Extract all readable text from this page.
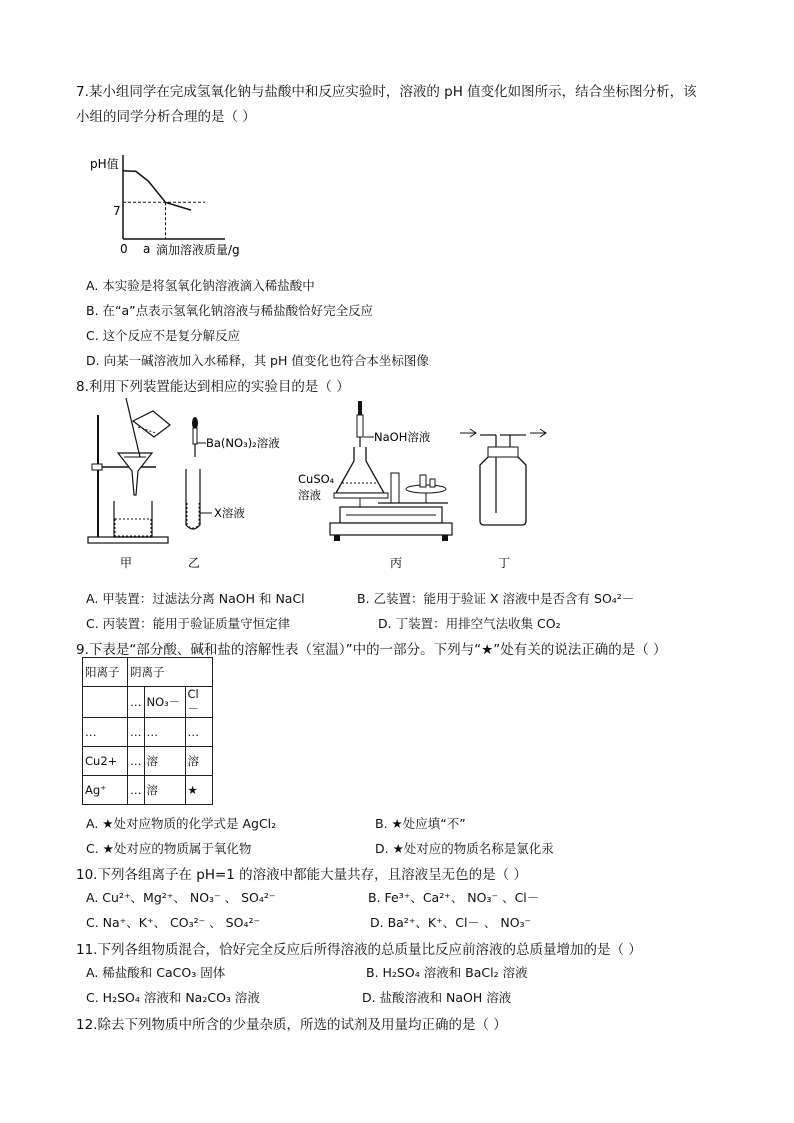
7.某小组同学在完成氢氧化钠与盐酸中和反应实验时，溶液的 pH 值变化如图所示，结合坐标图分析，该
小组的同学分析合理的是（ ）
pH值
7
0 a 滴加溶液质量/g
A. 本实验是将氢氧化钠溶液滴入稀盐酸中
B. 在“a”点表示氢氧化钠溶液与稀盐酸恰好完全反应
C. 这个反应不是复分解反应
D. 向某一碱溶液加入水稀释，其 pH 值变化也符合本坐标图像
8.利用下列装置能达到相应的实验目的是（ ）
甲
Ba(NO₃)₂溶液
X溶液
乙
NaOH溶液
CuSO₄
溶液
丙	丁
A. 甲装置：过滤法分离 NaOH 和 NaCl	B. 乙装置：能用于验证 X 溶液中是否含有 SO₄²－
C. 丙装置：能用于验证质量守恒定律	D. 丁装置：用排空气法收集 CO₂
9.下表是“部分酸、碱和盐的溶解性表（室温）”中的一部分。下列与“★”处有关的说法正确的是（ ）
阳离子	阴离子		
	…	NO₃－	Cl－
…	…	…	…
Cu2+	…	溶	溶
Ag⁺	…	溶	★
A. ★处对应物质的化学式是 AgCl₂	B. ★处应填“不”
C. ★处对应的物质属于氧化物	D. ★处对应的物质名称是氯化汞
10.下列各组离子在 pH=1 的溶液中都能大量共存，且溶液呈无色的是（ ）
A. Cu²⁺、Mg²⁺、 NO₃⁻ 、 SO₄²⁻	B. Fe³⁺、Ca²⁺、 NO₃⁻ 、Cl－
C. Na⁺、K⁺、 CO₃²⁻ 、 SO₄²⁻	D. Ba²⁺、K⁺、Cl－ 、 NO₃⁻
11.下列各组物质混合，恰好完全反应后所得溶液的总质量比反应前溶液的总质量增加的是（ ）
A. 稀盐酸和 CaCO₃ 固体	B. H₂SO₄ 溶液和 BaCl₂ 溶液
C. H₂SO₄ 溶液和 Na₂CO₃ 溶液	D. 盐酸溶液和 NaOH 溶液
12.除去下列物质中所含的少量杂质，所选的试剂及用量均正确的是（ ）
